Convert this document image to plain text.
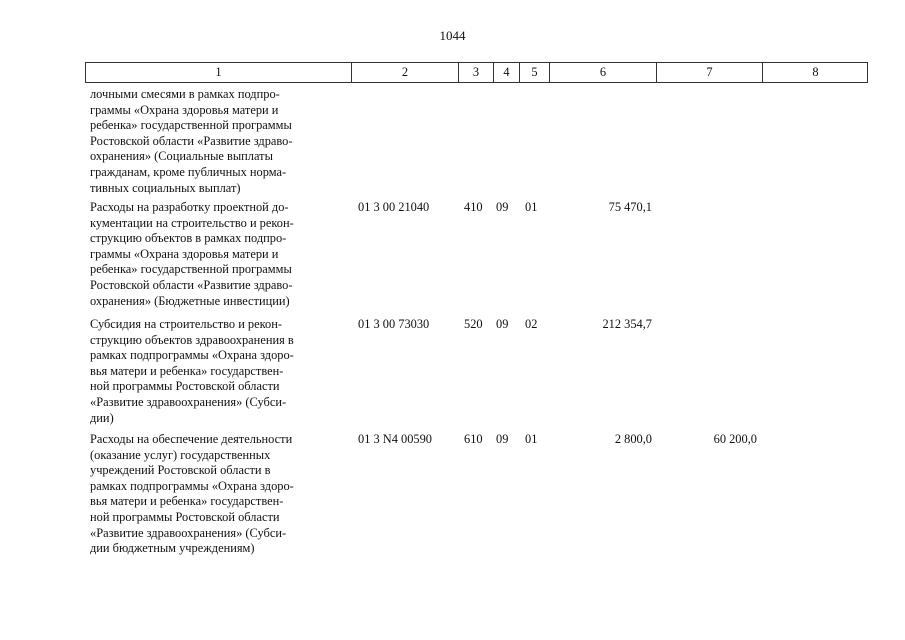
1044
1	2	3	4	5	6	7	8
лочными смесями в рамках подпро-
граммы «Охрана здоровья матери и
ребенка» государственной программы
Ростовской области «Развитие здраво-
охранения» (Социальные выплаты
гражданам, кроме публичных норма-
тивных социальных выплат)
Расходы на разработку проектной до-
кументации на строительство и рекон-
струкцию объектов в рамках подпро-
граммы «Охрана здоровья матери и
ребенка» государственной программы
Ростовской области «Развитие здраво-
охранения» (Бюджетные инвестиции)
01 3 00 21040	410 09 01	75 470,1
Субсидия на строительство и рекон-
струкцию объектов здравоохранения в
рамках подпрограммы «Охрана здоро-
вья матери и ребенка» государствен-
ной программы Ростовской области
«Развитие здравоохранения» (Субси-
дии)
01 3 00 73030	520 09 02	212 354,7
Расходы на обеспечение деятельности
(оказание услуг) государственных
учреждений Ростовской области в
рамках подпрограммы «Охрана здоро-
вья матери и ребенка» государствен-
ной программы Ростовской области
«Развитие здравоохранения» (Субси-
дии бюджетным учреждениям)
01 3 N4 00590	610 09 01	2 800,0	60 200,0
